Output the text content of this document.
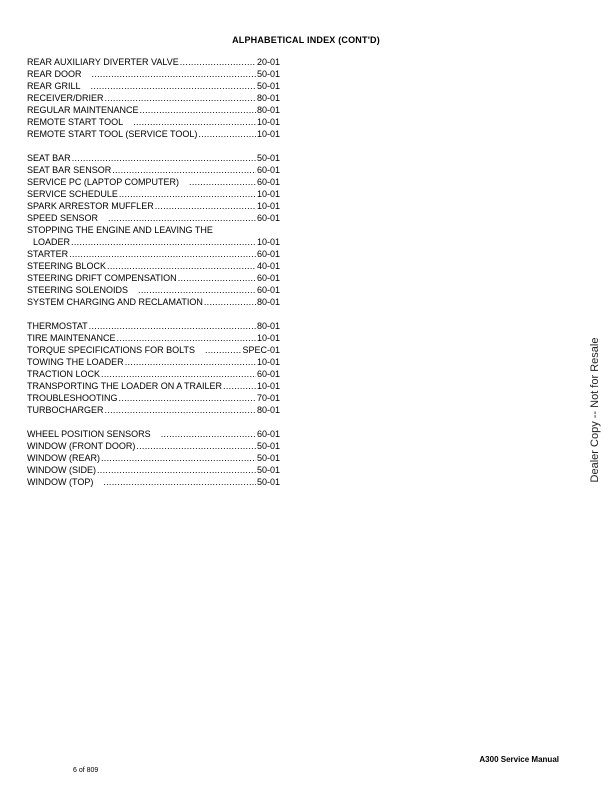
ALPHABETICAL INDEX (CONT'D)
REAR AUXILIARY DIVERTER VALVE .....	20-01
REAR DOOR .....	50-01
REAR GRILL .....	50-01
RECEIVER/DRIER .....	80-01
REGULAR MAINTENANCE .....	80-01
REMOTE START TOOL .....	10-01
REMOTE START TOOL (SERVICE TOOL) .....	10-01
SEAT BAR .....	50-01
SEAT BAR SENSOR .....	60-01
SERVICE PC (LAPTOP COMPUTER) .....	60-01
SERVICE SCHEDULE .....	10-01
SPARK ARRESTOR MUFFLER .....	10-01
SPEED SENSOR .....	60-01
STOPPING THE ENGINE AND LEAVING THE
LOADER .....	10-01
STARTER .....	60-01
STEERING BLOCK .....	40-01
STEERING DRIFT COMPENSATION .....	60-01
STEERING SOLENOIDS .....	60-01
SYSTEM CHARGING AND RECLAMATION .....	80-01
THERMOSTAT .....	80-01
TIRE MAINTENANCE .....	10-01
TORQUE SPECIFICATIONS FOR BOLTS .....	SPEC-01
TOWING THE LOADER .....	10-01
TRACTION LOCK .....	60-01
TRANSPORTING THE LOADER ON A TRAILER .....	10-01
TROUBLESHOOTING .....	70-01
TURBOCHARGER .....	80-01
WHEEL POSITION SENSORS .....	60-01
WINDOW (FRONT DOOR) .....	50-01
WINDOW (REAR) .....	50-01
WINDOW (SIDE) .....	50-01
WINDOW (TOP) .....	50-01	Dealer Copy -- Not for Resale
A300 Service Manual
6 of 809
